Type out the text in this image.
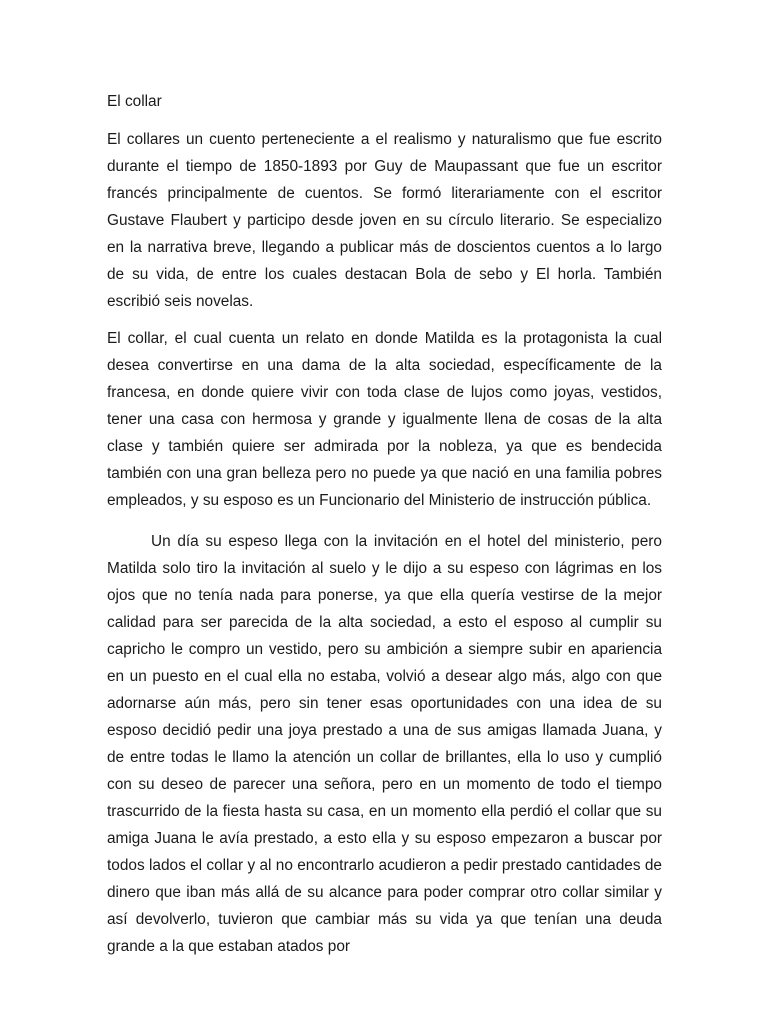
El collar

El collares un cuento perteneciente a el realismo y naturalismo que fue escrito durante el tiempo de 1850-1893 por Guy de Maupassant que fue un escritor francés principalmente de cuentos. Se formó literariamente con el escritor Gustave Flaubert y participo desde joven en su círculo literario. Se especializo en la narrativa breve, llegando a publicar más de doscientos cuentos a lo largo de su vida, de entre los cuales destacan Bola de sebo y El horla. También escribió seis novelas.

El collar, el cual cuenta un relato en donde Matilda es la protagonista la cual desea convertirse en una dama de la alta sociedad, específicamente de la francesa, en donde quiere vivir con toda clase de lujos como joyas, vestidos, tener una casa con hermosa y grande y igualmente llena de cosas de la alta clase y también quiere ser admirada por la nobleza, ya que es bendecida también con una gran belleza pero no puede ya que nació en una familia pobres empleados, y su esposo es un Funcionario del Ministerio de instrucción pública.

Un día su espeso llega con la invitación en el hotel del ministerio, pero Matilda solo tiro la invitación al suelo y le dijo a su espeso con lágrimas en los ojos que no tenía nada para ponerse, ya que ella quería vestirse de la mejor calidad para ser parecida de la alta sociedad, a esto el esposo al cumplir su capricho le compro un vestido, pero su ambición a siempre subir en apariencia en un puesto en el cual ella no estaba, volvió a desear algo más, algo con que adornarse aún más, pero sin tener esas oportunidades con una idea de su esposo decidió pedir una joya prestado a una de sus amigas llamada Juana, y de entre todas le llamo la atención un collar de brillantes, ella lo uso y cumplió con su deseo de parecer una señora, pero en un momento de todo el tiempo trascurrido de la fiesta hasta su casa, en un momento ella perdió el collar que su amiga Juana le avía prestado, a esto ella y su esposo empezaron a buscar por todos lados el collar y al no encontrarlo acudieron a pedir prestado cantidades de dinero que iban más allá de su alcance para poder comprar otro collar similar y así devolverlo, tuvieron que cambiar más su vida ya que tenían una deuda grande a la que estaban atados por
